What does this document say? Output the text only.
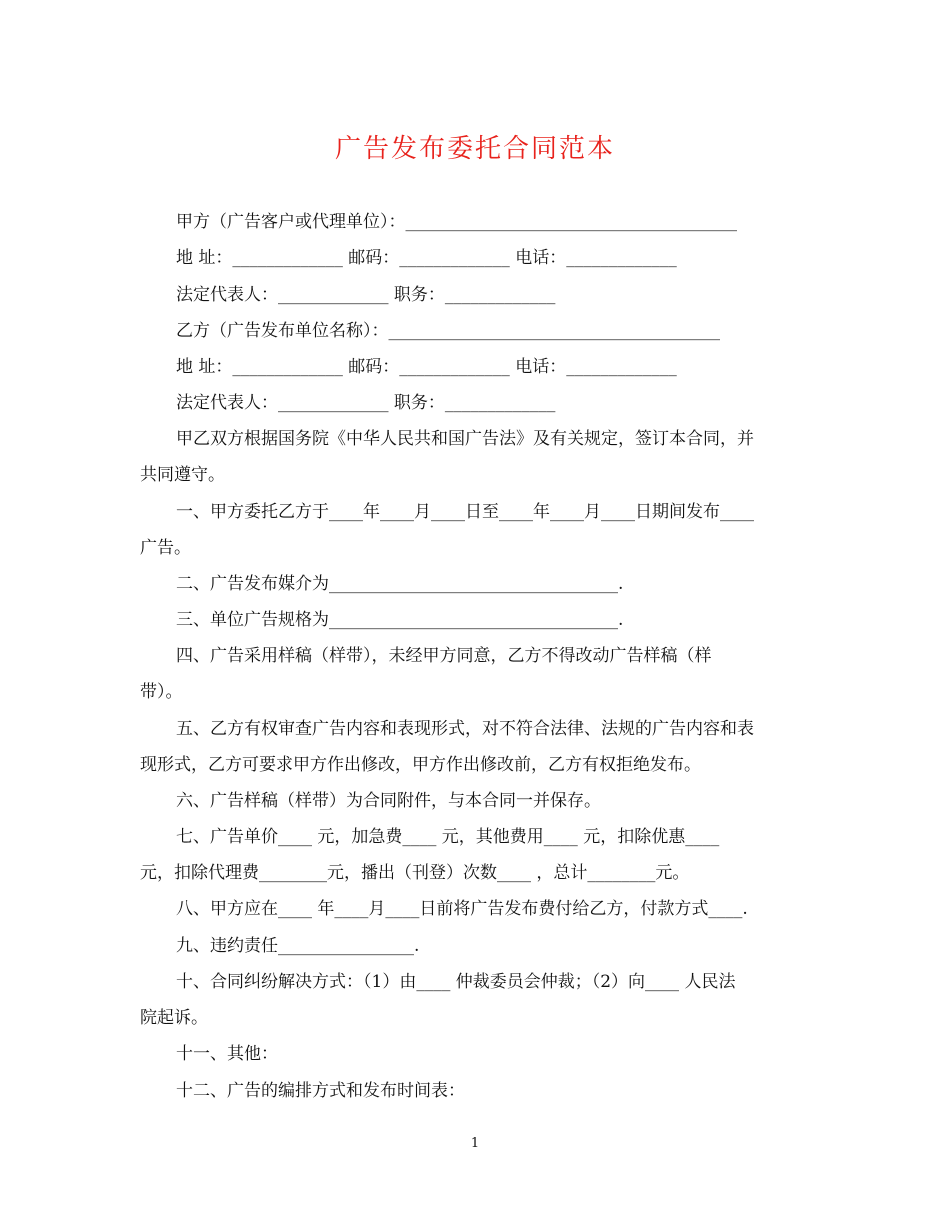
广告发布委托合同范本
甲方（广告客户或代理单位）：_______________________________________
地 址：_____________ 邮码：_____________ 电话：_____________
法定代表人：_____________ 职务：_____________
乙方（广告发布单位名称）：_______________________________________
地 址：_____________ 邮码：_____________ 电话：_____________
法定代表人：_____________ 职务：_____________
甲乙双方根据国务院《中华人民共和国广告法》及有关规定，签订本合同，并
共同遵守。
一、甲方委托乙方于____年____月____日至____年____月____日期间发布____
广告。
二、广告发布媒介为__________________________________.
三、单位广告规格为__________________________________.
四、广告采用样稿（样带），未经甲方同意，乙方不得改动广告样稿（样
带）。
五、乙方有权审查广告内容和表现形式，对不符合法律、法规的广告内容和表
现形式，乙方可要求甲方作出修改，甲方作出修改前，乙方有权拒绝发布。
六、广告样稿（样带）为合同附件，与本合同一并保存。
七、广告单价____ 元，加急费____ 元，其他费用____ 元，扣除优惠____
元，扣除代理费________元，播出（刊登）次数____ ，总计________元。
八、甲方应在____ 年____月____日前将广告发布费付给乙方，付款方式____.
九、违约责任________________.
十、合同纠纷解决方式：（1）由____ 仲裁委员会仲裁；（2）向____ 人民法
院起诉。
十一、其他：
十二、广告的编排方式和发布时间表：
1
